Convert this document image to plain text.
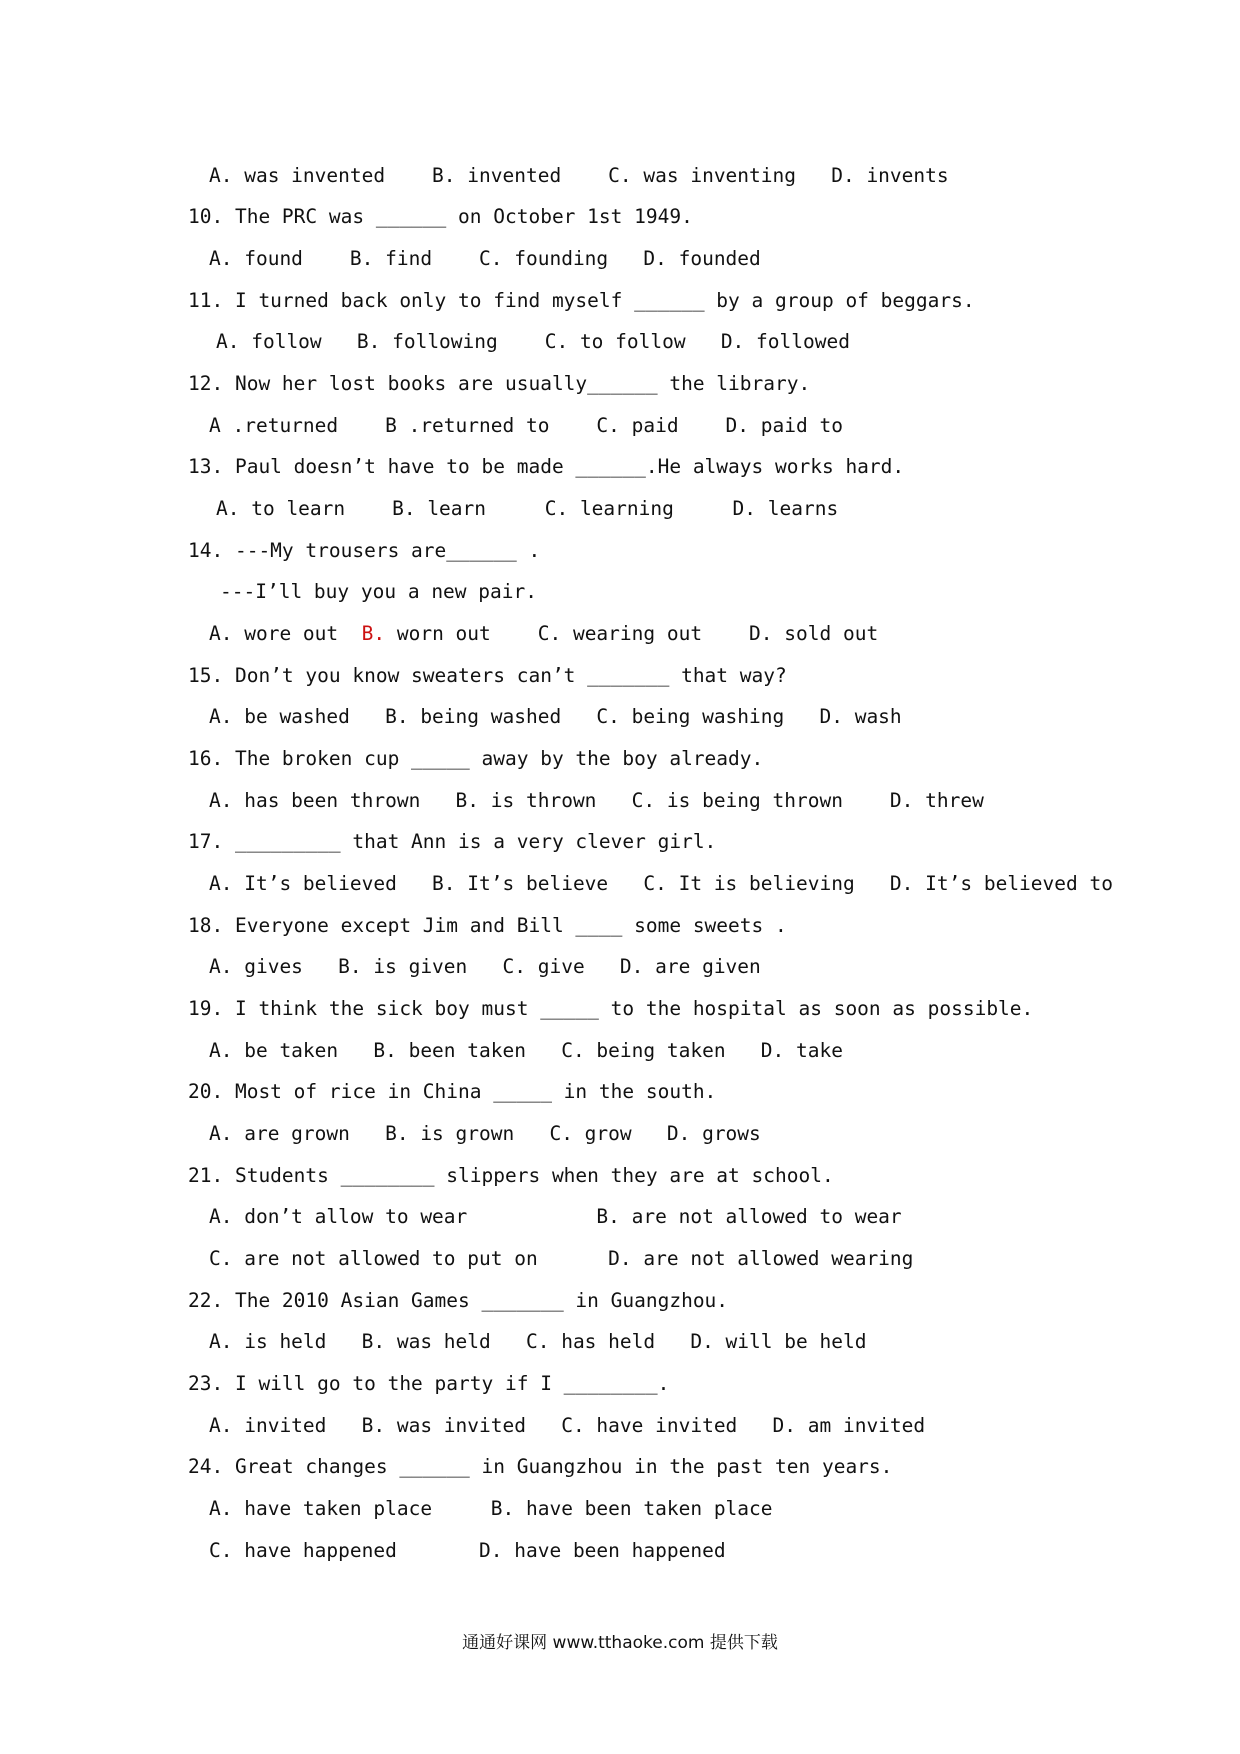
A. was invented    B. invented    C. was inventing   D. invents
10. The PRC was ______ on October 1st 1949.
A. found    B. find    C. founding   D. founded
11. I turned back only to find myself ______ by a group of beggars.
A. follow   B. following    C. to follow   D. followed
12. Now her lost books are usually______ the library.
A .returned    B .returned to    C. paid    D. paid to
13. Paul doesn’t have to be made ______.He always works hard.
A. to learn    B. learn     C. learning     D. learns
14. ---My trousers are______ .
---I’ll buy you a new pair.
A. wore out  B. worn out    C. wearing out    D. sold out
15. Don’t you know sweaters can’t _______ that way?
A. be washed   B. being washed   C. being washing   D. wash
16. The broken cup _____ away by the boy already.
A. has been thrown   B. is thrown   C. is being thrown    D. threw
17. _________ that Ann is a very clever girl.
A. It’s believed   B. It’s believe   C. It is believing   D. It’s believed to
18. Everyone except Jim and Bill ____ some sweets .
A. gives   B. is given   C. give   D. are given
19. I think the sick boy must _____ to the hospital as soon as possible.
A. be taken   B. been taken   C. being taken   D. take
20. Most of rice in China _____ in the south.
A. are grown   B. is grown   C. grow   D. grows
21. Students ________ slippers when they are at school.
A. don’t allow to wear           B. are not allowed to wear
C. are not allowed to put on      D. are not allowed wearing
22. The 2010 Asian Games _______ in Guangzhou.
A. is held   B. was held   C. has held   D. will be held
23. I will go to the party if I ________.
A. invited   B. was invited   C. have invited   D. am invited
24. Great changes ______ in Guangzhou in the past ten years.
A. have taken place     B. have been taken place
C. have happened       D. have been happened
通通好课网 www.tthaoke.com 提供下载
